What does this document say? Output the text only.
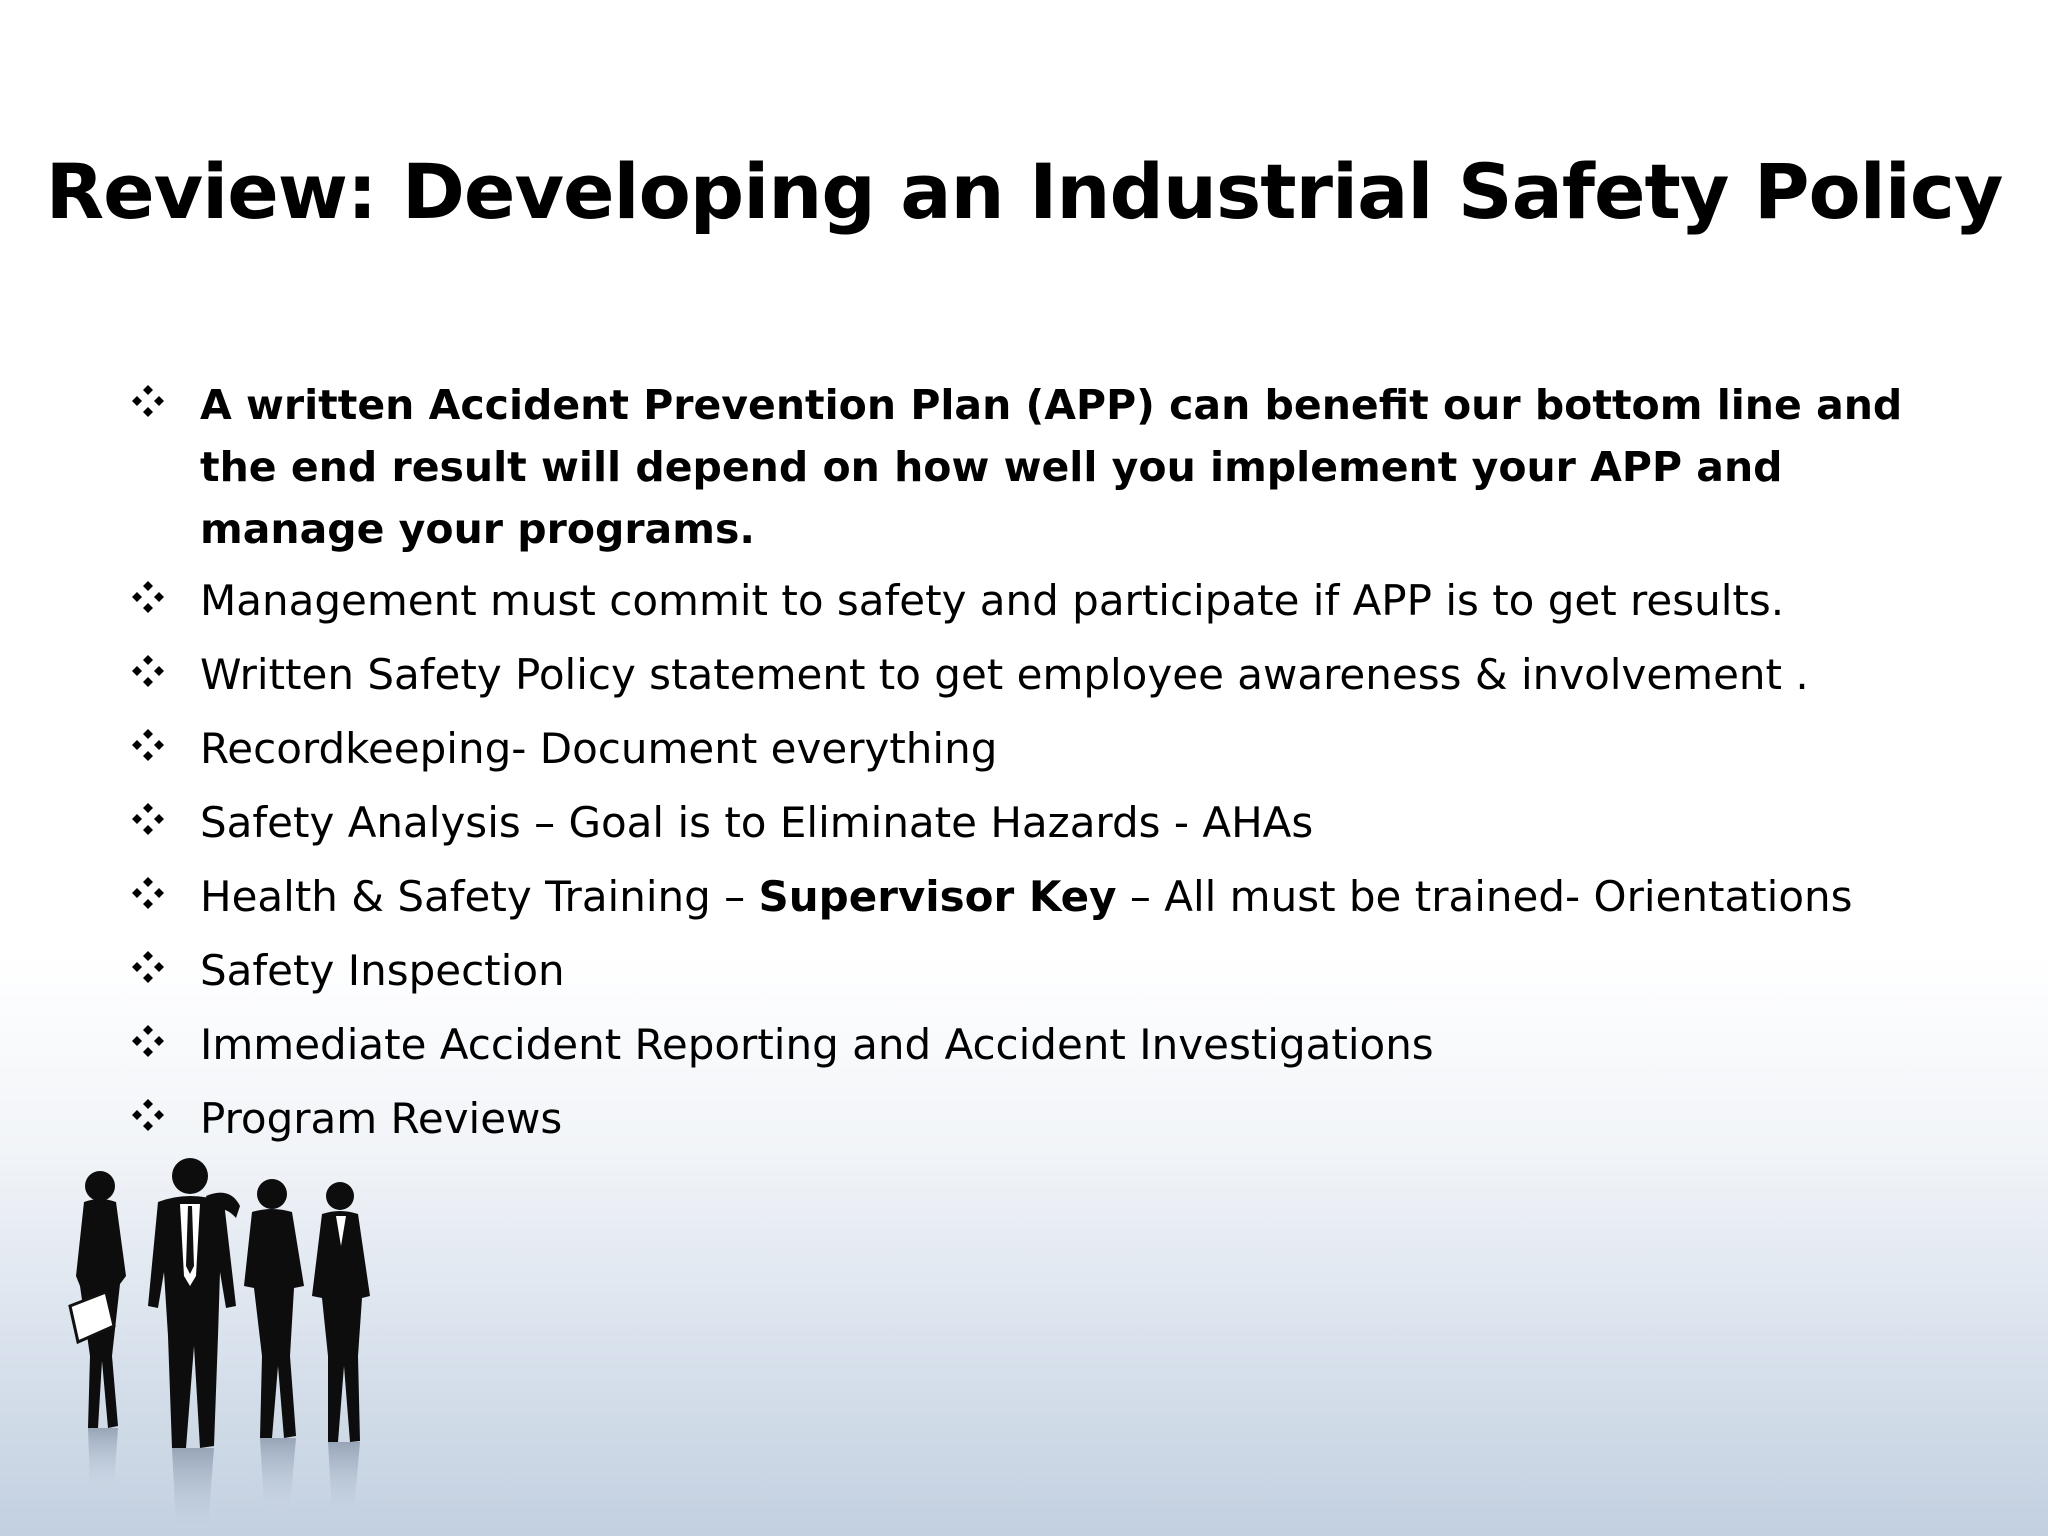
Review: Developing an Industrial Safety Policy
A written Accident Prevention Plan (APP) can benefit our bottom line and the end result will depend on how well you implement your APP and manage your programs.
Management must commit to safety and participate if APP is to get results.
Written Safety Policy statement to get employee awareness & involvement .
Recordkeeping- Document everything
Safety Analysis – Goal is to Eliminate Hazards - AHAs
Health & Safety Training – Supervisor Key – All must be trained- Orientations
Safety Inspection
Immediate Accident Reporting and Accident Investigations
Program Reviews
